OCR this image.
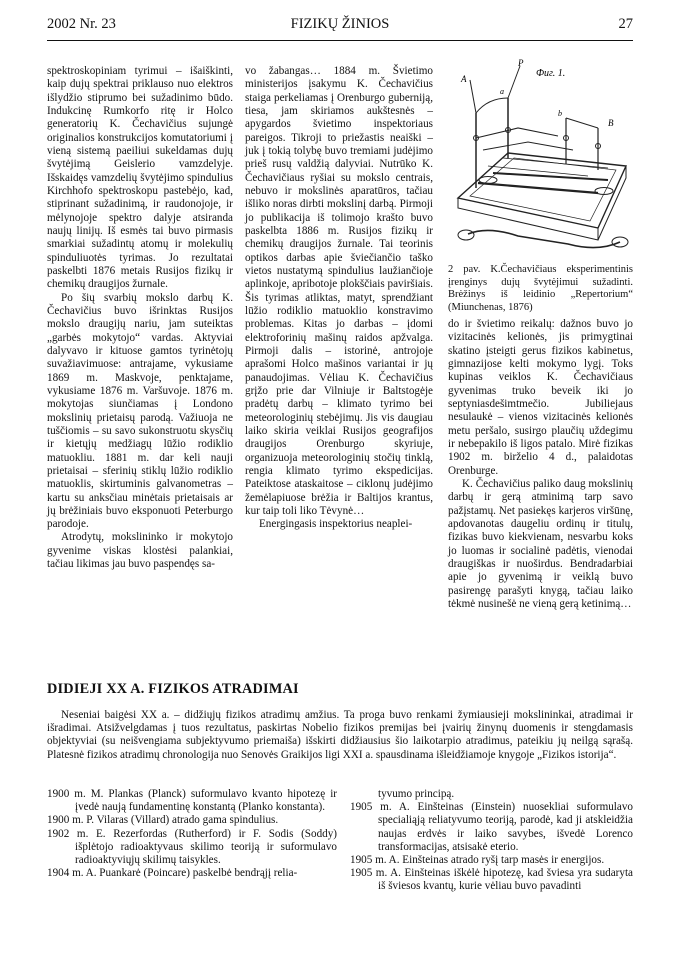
2002 Nr. 23	FIZIKŲ ŽINIOS	27

spektroskopiniam tyrimui – išaiškinti, kaip dujų spektrai priklauso nuo elektros išlydžio stiprumo bei sužadinimo būdo. Indukcinę Rumkorfo ritę ir Holco generatorių K. Čechavičius sujungė originalios konstrukcijos komutatoriumi į vieną sistemą paeiliui sukeldamas dujų švytėjimą Geislerio vamzdelyje. Išskaidęs vamzdelių švytėjimo spindulius Kirchhofo spektroskopu pastebėjo, kad, stiprinant sužadinimą, ir raudonojoje, ir mėlynojoje spektro dalyje atsiranda naujų linijų. Iš esmės tai buvo pirmasis smarkiai sužadintų atomų ir molekulių spinduliuotės tyrimas. Jo rezultatai paskelbti 1876 metais Rusijos fizikų ir chemikų draugijos žurnale.

Po šių svarbių mokslo darbų K. Čechavičius buvo išrinktas Rusijos mokslo draugijų nariu, jam suteiktas „garbės mokytojo“ vardas. Aktyviai dalyvavo ir kituose gamtos tyrinėtojų suvažiavimuose: antrajame, vykusiame 1869 m. Maskvoje, penktajame, vykusiame 1876 m. Varšuvoje. 1876 m. mokytojas siunčiamas į Londono mokslinių prietaisų parodą. Važiuoja ne tuščiomis – su savo sukonstruotu skysčių ir kietųjų medžiagų lūžio rodiklio matuokliu. 1881 m. dar keli nauji prietaisai – sferinių stiklų lūžio rodiklio matuoklis, skirtuminis galvanometras – kartu su anksčiau minėtais prietaisais ar jų brėžiniais buvo eksponuoti Peterburgo parodoje.

Atrodytų, mokslininko ir mokytojo gyvenime viskas klostėsi palankiai, tačiau likimas jau buvo paspendęs sa-

vo žabangas… 1884 m. Švietimo ministerijos įsakymu K. Čechavičius staiga perkeliamas į Orenburgo guberniją, tiesa, jam skiriamos aukštesnės – apygardos švietimo inspektoriaus pareigos. Tikroji to priežastis neaiški – juk į tokią tolybę buvo tremiami judėjimo prieš rusų valdžią dalyviai. Nutrūko K. Čechavičiaus ryšiai su mokslo centrais, nebuvo ir mokslinės aparatūros, tačiau išliko noras dirbti mokslinį darbą. Pirmoji jo publikacija iš tolimojo krašto buvo paskelbta 1886 m. Rusijos fizikų ir chemikų draugijos žurnale. Tai teorinis optikos darbas apie šviečiančio taško vietos nustatymą spindulius laužiančioje aplinkoje, apribotoje plokščiais paviršiais. Šis tyrimas atliktas, matyt, sprendžiant lūžio rodiklio matuoklio konstravimo problemas. Kitas jo darbas – įdomi elektroforinių mašinų raidos apžvalga. Pirmoji dalis – istorinė, antrojoje aprašomi Holco mašinos variantai ir jų panaudojimas. Vėliau K. Čechavičius grįžo prie dar Vilniuje ir Baltstogėje pradėtų darbų – klimato tyrimo bei meteorologinių stebėjimų. Jis vis daugiau laiko skiria veiklai Rusijos geografijos draugijos Orenburgo skyriuje, organizuoja meteorologinių stočių tinklą, rengia klimato tyrimo ekspedicijas. Pateiktose ataskaitose – ciklonų judėjimo žemėlapiuose brėžia ir Baltijos krantus, kur taip toli liko Tėvynė…

Energingasis inspektorius neaplei-

Фиг. 1.
A
P
a
b
B
2 pav. K.Čechavičiaus eksperimentinis įrenginys dujų švytėjimui sužadinti. Brėžinys iš leidinio „Repertorium“ (Miunchenas, 1876)

do ir švietimo reikalų: dažnos buvo jo vizitacinės kelionės, jis primygtinai skatino įsteigti gerus fizikos kabinetus, gimnazijose kelti mokymo lygį. Toks kupinas veiklos K. Čechavičiaus gyvenimas truko beveik iki jo septyniasdešimtmečio. Jubiliejaus nesulaukė – vienos vizitacinės kelionės metu peršalo, susirgo plaučių uždegimu ir nebepakilo iš ligos patalo. Mirė fizikas 1902 m. birželio 4 d., palaidotas Orenburge.

K. Čechavičius paliko daug mokslinių darbų ir gerą atminimą tarp savo pažįstamų. Net pasiekęs karjeros viršūnę, apdovanotas daugeliu ordinų ir titulų, fizikas buvo kiekvienam, nesvarbu koks jo luomas ir socialinė padėtis, vienodai draugiškas ir nuoširdus. Bendradarbiai apie jo gyvenimą ir veiklą buvo pasirengę parašyti knygą, tačiau laiko tėkmė nusinešė ne vieną gerą ketinimą…

DIDIEJI XX A. FIZIKOS ATRADIMAI
Neseniai baigėsi XX a. – didžiųjų fizikos atradimų amžius. Ta proga buvo renkami žymiausieji mokslininkai, atradimai ir išradimai. Atsižvelgdamas į tuos rezultatus, paskirtas Nobelio fizikos premijas bei įvairių žinynų duomenis ir stengdamasis objektyviai (su neišvengiama subjektyvumo priemaiša) išskirti didžiausius šio laikotarpio atradimus, pateikiu jų neilgą sąrašą. Platesnė fizikos atradimų chronologija nuo Senovės Graikijos ligi XXI a. spausdinama išleidžiamoje knygoje „Fizikos istorija“.
1900 m. M. Plankas (Planck) suformulavo kvanto hipotezę ir įvedė naują fundamentinę konstantą (Planko konstanta).
1900 m. P. Vilaras (Villard) atrado gama spindulius.
1902 m. E. Rezerfordas (Rutherford) ir F. Sodis (Soddy) išplėtojo radioaktyvaus skilimo teoriją ir suformulavo radioaktyviųjų skilimų taisykles.
1904 m. A. Puankarė (Poincare) paskelbė bendrąjį relia-
tyvumo principą.
1905 m. A. Einšteinas (Einstein) nuosekliai suformulavo specialiąją reliatyvumo teoriją, parodė, kad ji atskleidžia naujas erdvės ir laiko savybes, išvedė Lorenco transformacijas, atsisakė eterio.
1905 m. A. Einšteinas atrado ryšį tarp masės ir energijos.
1905 m. A. Einšteinas iškėlė hipotezę, kad šviesa yra sudaryta iš šviesos kvantų, kurie vėliau buvo pavadinti
